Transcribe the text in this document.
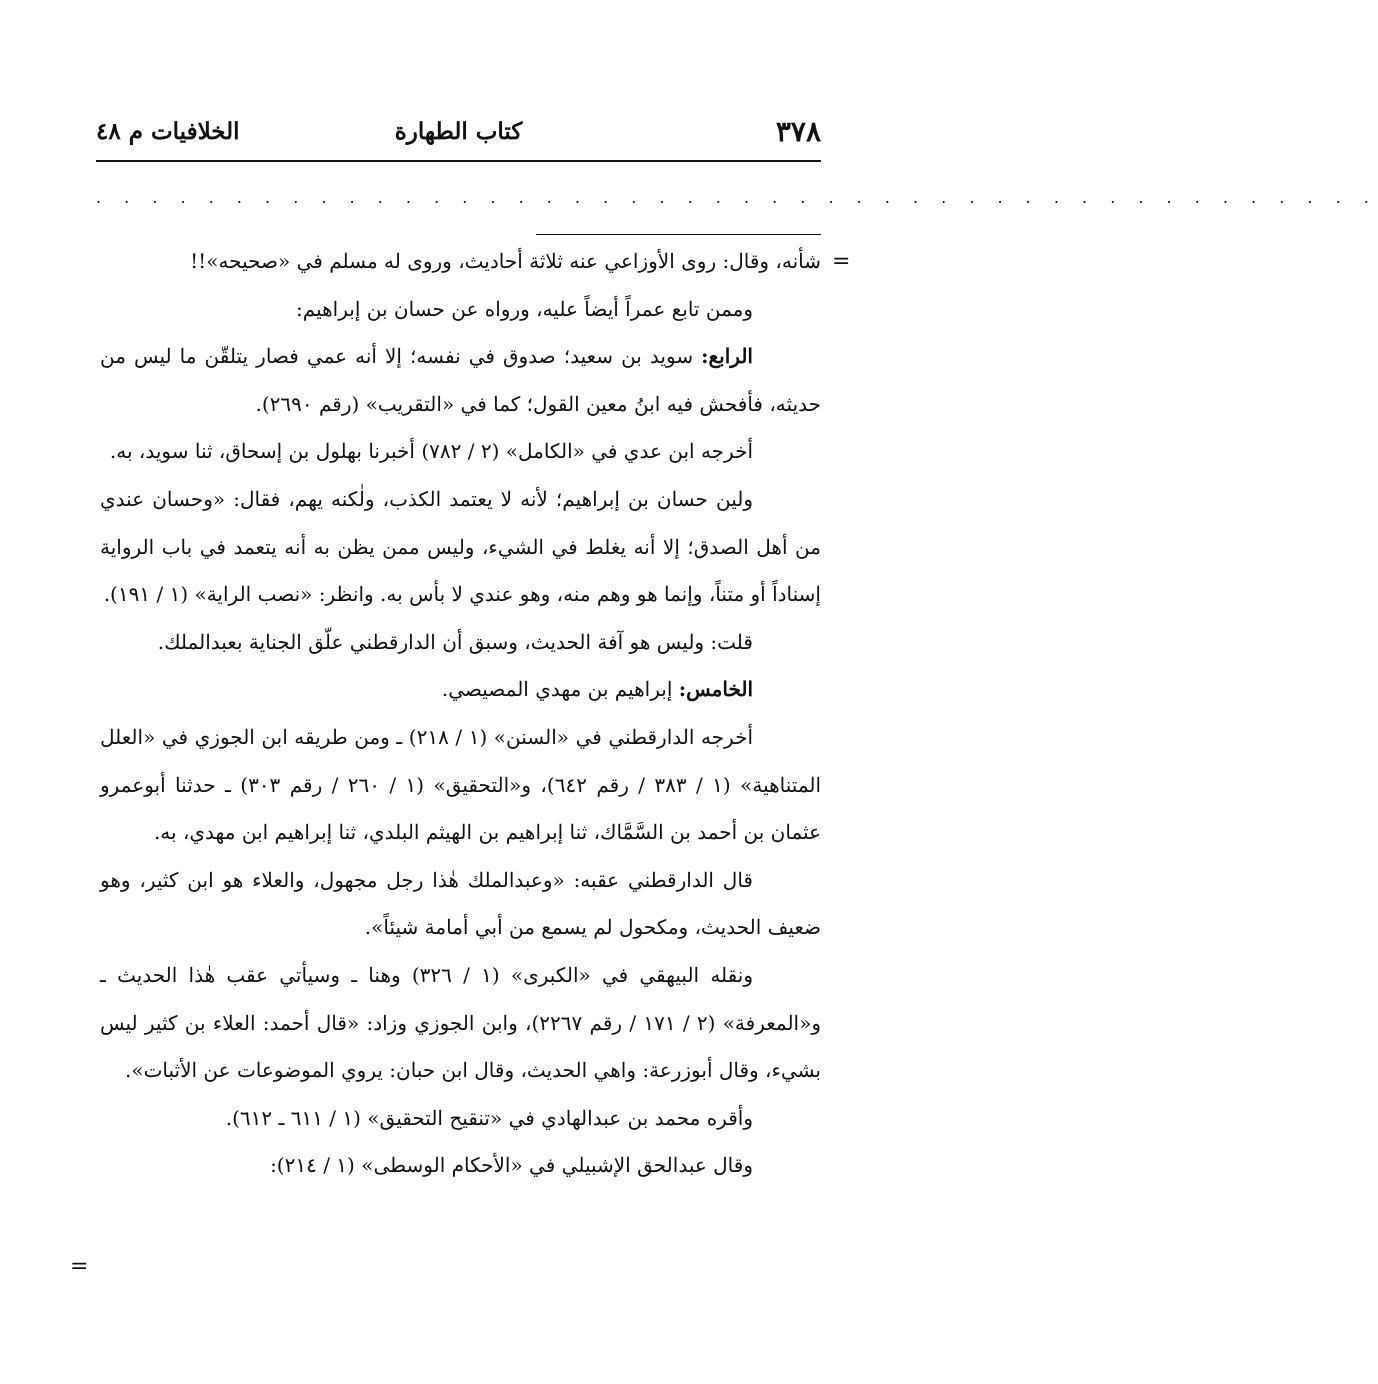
٣٧٨
كتاب الطهارة
الخلافيات م ٤٨
. . . . . . . . . . . . . . . . . . . . . . . . . . . . . . . . . . . . . . . . . . . . . .
=

شأنه، وقال: روى الأوزاعي عنه ثلاثة أحاديث، وروى له مسلم في «صحيحه»!!

وممن تابع عمراً أيضاً عليه، ورواه عن حسان بن إبراهيم:

الرابع: سويد بن سعيد؛ صدوق في نفسه؛ إلا أنه عمي فصار يتلقّن ما ليس من حديثه، فأفحش فيه ابنُ معين القول؛ كما في «التقريب» (رقم ٢٦٩٠).

أخرجه ابن عدي في «الكامل» (٢ / ٧٨٢) أخبرنا بهلول بن إسحاق، ثنا سويد، به.

ولين حسان بن إبراهيم؛ لأنه لا يعتمد الكذب، ولٰكنه يهم، فقال: «وحسان عندي من أهل الصدق؛ إلا أنه يغلط في الشيء، وليس ممن يظن به أنه يتعمد في باب الرواية إسناداً أو متناً، وإنما هو وهم منه، وهو عندي لا بأس به. وانظر: «نصب الراية» (١ / ١٩١).

قلت: وليس هو آفة الحديث، وسبق أن الدارقطني علّق الجناية بعبدالملك.

الخامس: إبراهيم بن مهدي المصيصي.

أخرجه الدارقطني في «السنن» (١ / ٢١٨) ـ ومن طريقه ابن الجوزي في «العلل المتناهية» (١ / ٣٨٣ / رقم ٦٤٢)، و«التحقيق» (١ / ٢٦٠ / رقم ٣٠٣) ـ حدثنا أبوعمرو عثمان بن أحمد بن السَّمَّاك، ثنا إبراهيم بن الهيثم البلدي، ثنا إبراهيم ابن مهدي، به.

قال الدارقطني عقبه: «وعبدالملك هٰذا رجل مجهول، والعلاء هو ابن كثير، وهو ضعيف الحديث، ومكحول لم يسمع من أبي أمامة شيئاً».

ونقله البيهقي في «الكبرى» (١ / ٣٢٦) وهنا ـ وسيأتي عقب هٰذا الحديث ـ و«المعرفة» (٢ / ١٧١ / رقم ٢٢٦٧)، وابن الجوزي وزاد: «قال أحمد: العلاء بن كثير ليس بشيء، وقال أبوزرعة: واهي الحديث، وقال ابن حبان: يروي الموضوعات عن الأثبات».

وأقره محمد بن عبدالهادي في «تنقيح التحقيق» (١ / ٦١١ ـ ٦١٢).

وقال عبدالحق الإشبيلي في «الأحكام الوسطى» (١ / ٢١٤):

=
